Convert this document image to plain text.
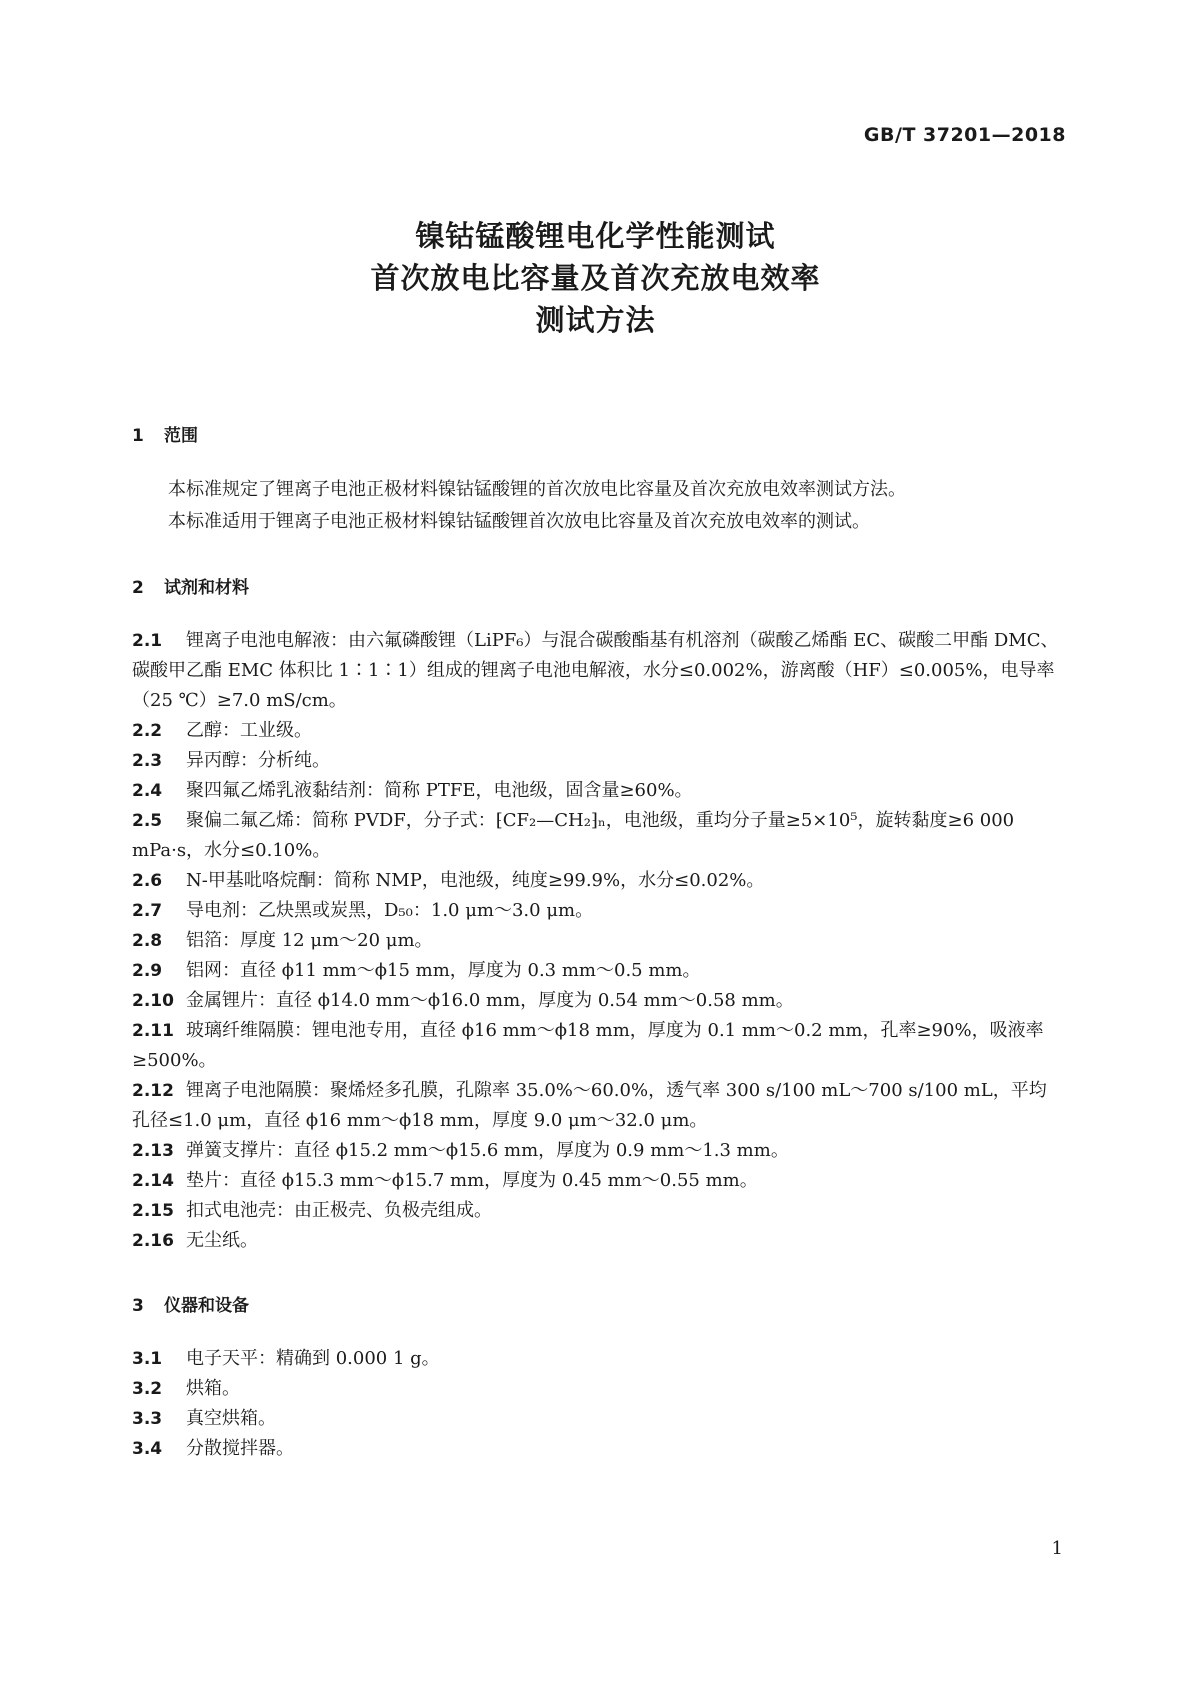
GB/T 37201—2018
镍钴锰酸锂电化学性能测试
首次放电比容量及首次充放电效率
测试方法
1 范围

本标准规定了锂离子电池正极材料镍钴锰酸锂的首次放电比容量及首次充放电效率测试方法。

本标准适用于锂离子电池正极材料镍钴锰酸锂首次放电比容量及首次充放电效率的测试。

2 试剂和材料

2.1 锂离子电池电解液：由六氟磷酸锂（LiPF₆）与混合碳酸酯基有机溶剂（碳酸乙烯酯 EC、碳酸二甲酯 DMC、碳酸甲乙酯 EMC 体积比 1∶1∶1）组成的锂离子电池电解液，水分≤0.002%，游离酸（HF）≤0.005%，电导率（25 ℃）≥7.0 mS/cm。

2.2 乙醇：工业级。

2.3 异丙醇：分析纯。

2.4 聚四氟乙烯乳液黏结剂：简称 PTFE，电池级，固含量≥60%。

2.5 聚偏二氟乙烯：简称 PVDF，分子式：⁅CF₂—CH₂⁆ₙ，电池级，重均分子量≥5×10⁵，旋转黏度≥6 000 mPa·s，水分≤0.10%。

2.6 N-甲基吡咯烷酮：简称 NMP，电池级，纯度≥99.9%，水分≤0.02%。

2.7 导电剂：乙炔黑或炭黑，D₅₀：1.0 μm～3.0 μm。

2.8 铝箔：厚度 12 μm～20 μm。

2.9 铝网：直径 ϕ11 mm～ϕ15 mm，厚度为 0.3 mm～0.5 mm。

2.10 金属锂片：直径 ϕ14.0 mm～ϕ16.0 mm，厚度为 0.54 mm～0.58 mm。

2.11 玻璃纤维隔膜：锂电池专用，直径 ϕ16 mm～ϕ18 mm，厚度为 0.1 mm～0.2 mm，孔率≥90%，吸液率≥500%。

2.12 锂离子电池隔膜：聚烯烃多孔膜，孔隙率 35.0%～60.0%，透气率 300 s/100 mL～700 s/100 mL，平均孔径≤1.0 μm，直径 ϕ16 mm～ϕ18 mm，厚度 9.0 μm～32.0 μm。

2.13 弹簧支撑片：直径 ϕ15.2 mm～ϕ15.6 mm，厚度为 0.9 mm～1.3 mm。

2.14 垫片：直径 ϕ15.3 mm～ϕ15.7 mm，厚度为 0.45 mm～0.55 mm。

2.15 扣式电池壳：由正极壳、负极壳组成。

2.16 无尘纸。

3 仪器和设备

3.1 电子天平：精确到 0.000 1 g。

3.2 烘箱。

3.3 真空烘箱。

3.4 分散搅拌器。

1
